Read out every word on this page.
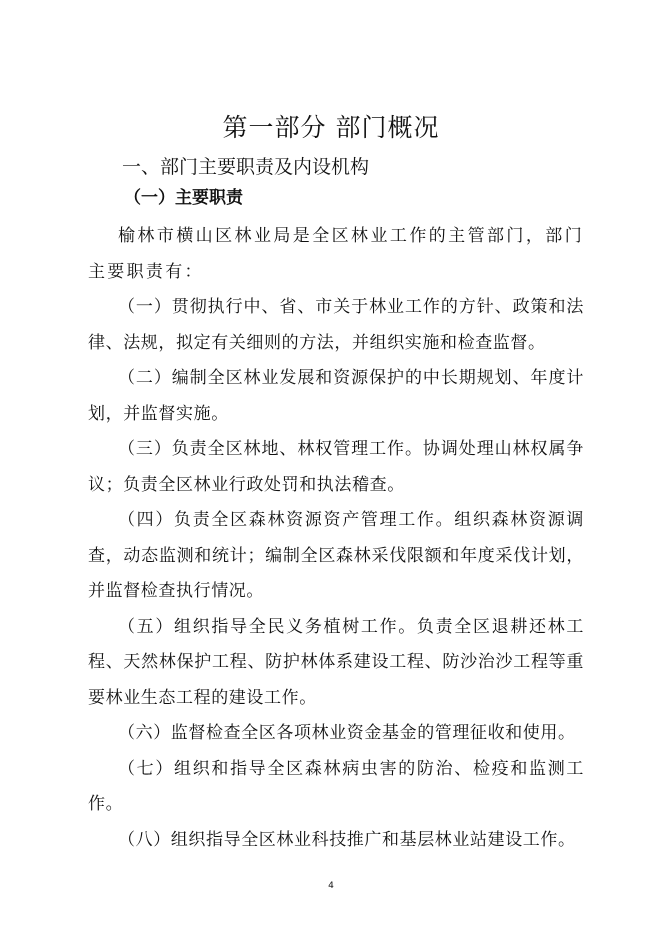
第一部分 部门概况
一、部门主要职责及内设机构
（一）主要职责

榆林市横山区林业局是全区林业工作的主管部门，部门主要职责有：

（一）贯彻执行中、省、市关于林业工作的方针、政策和法律、法规，拟定有关细则的方法，并组织实施和检查监督。

（二）编制全区林业发展和资源保护的中长期规划、年度计划，并监督实施。

（三）负责全区林地、林权管理工作。协调处理山林权属争议；负责全区林业行政处罚和执法稽查。

（四）负责全区森林资源资产管理工作。组织森林资源调查，动态监测和统计；编制全区森林采伐限额和年度采伐计划，并监督检查执行情况。

（五）组织指导全民义务植树工作。负责全区退耕还林工程、天然林保护工程、防护林体系建设工程、防沙治沙工程等重要林业生态工程的建设工作。

（六）监督检查全区各项林业资金基金的管理征收和使用。

（七）组织和指导全区森林病虫害的防治、检疫和监测工作。

（八）组织指导全区林业科技推广和基层林业站建设工作。

4
